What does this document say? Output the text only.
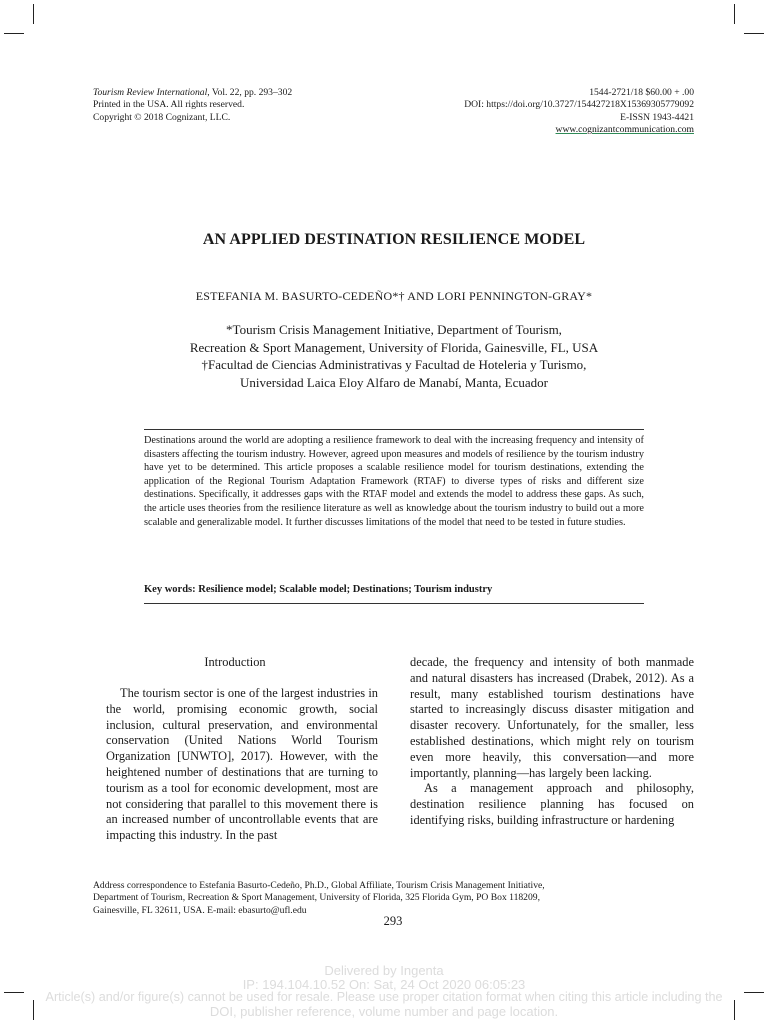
Tourism Review International, Vol. 22, pp. 293–302
Printed in the USA. All rights reserved.
Copyright © 2018 Cognizant, LLC.
1544-2721/18 $60.00 + .00
DOI: https://doi.org/10.3727/154427218X15369305779092
E-ISSN 1943-4421
www.cognizantcommunication.com
AN APPLIED DESTINATION RESILIENCE MODEL
ESTEFANIA M. BASURTO-CEDEÑO*† AND LORI PENNINGTON-GRAY*
*Tourism Crisis Management Initiative, Department of Tourism,
Recreation & Sport Management, University of Florida, Gainesville, FL, USA
†Facultad de Ciencias Administrativas y Facultad de Hoteleria y Turismo,
Universidad Laica Eloy Alfaro de Manabí, Manta, Ecuador
Destinations around the world are adopting a resilience framework to deal with the increasing frequency and intensity of disasters affecting the tourism industry. However, agreed upon measures and models of resilience by the tourism industry have yet to be determined. This article proposes a scalable resilience model for tourism destinations, extending the application of the Regional Tourism Adaptation Framework (RTAF) to diverse types of risks and different size destinations. Specifically, it addresses gaps with the RTAF model and extends the model to address these gaps. As such, the article uses theories from the resilience literature as well as knowledge about the tourism industry to build out a more scalable and generalizable model. It further discusses limitations of the model that need to be tested in future studies.
Key words: Resilience model; Scalable model; Destinations; Tourism industry
Introduction

The tourism sector is one of the largest industries in the world, promising economic growth, social inclusion, cultural preservation, and environmental conservation (United Nations World Tourism Organization [UNWTO], 2017). However, with the heightened number of destinations that are turning to tourism as a tool for economic development, most are not considering that parallel to this movement there is an increased number of uncontrollable events that are impacting this industry. In the past

decade, the frequency and intensity of both manmade and natural disasters has increased (Drabek, 2012). As a result, many established tourism destinations have started to increasingly discuss disaster mitigation and disaster recovery. Unfortunately, for the smaller, less established destinations, which might rely on tourism even more heavily, this conversation—and more importantly, planning—has largely been lacking.

As a management approach and philosophy, destination resilience planning has focused on identifying risks, building infrastructure or hardening

Address correspondence to Estefania Basurto-Cedeño, Ph.D., Global Affiliate, Tourism Crisis Management Initiative,
Department of Tourism, Recreation & Sport Management, University of Florida, 325 Florida Gym, PO Box 118209,
Gainesville, FL 32611, USA. E-mail: ebasurto@ufl.edu
293
Delivered by Ingenta
IP: 194.104.10.52 On: Sat, 24 Oct 2020 06:05:23
Article(s) and/or figure(s) cannot be used for resale. Please use proper citation format when citing this article including the
DOI, publisher reference, volume number and page location.
